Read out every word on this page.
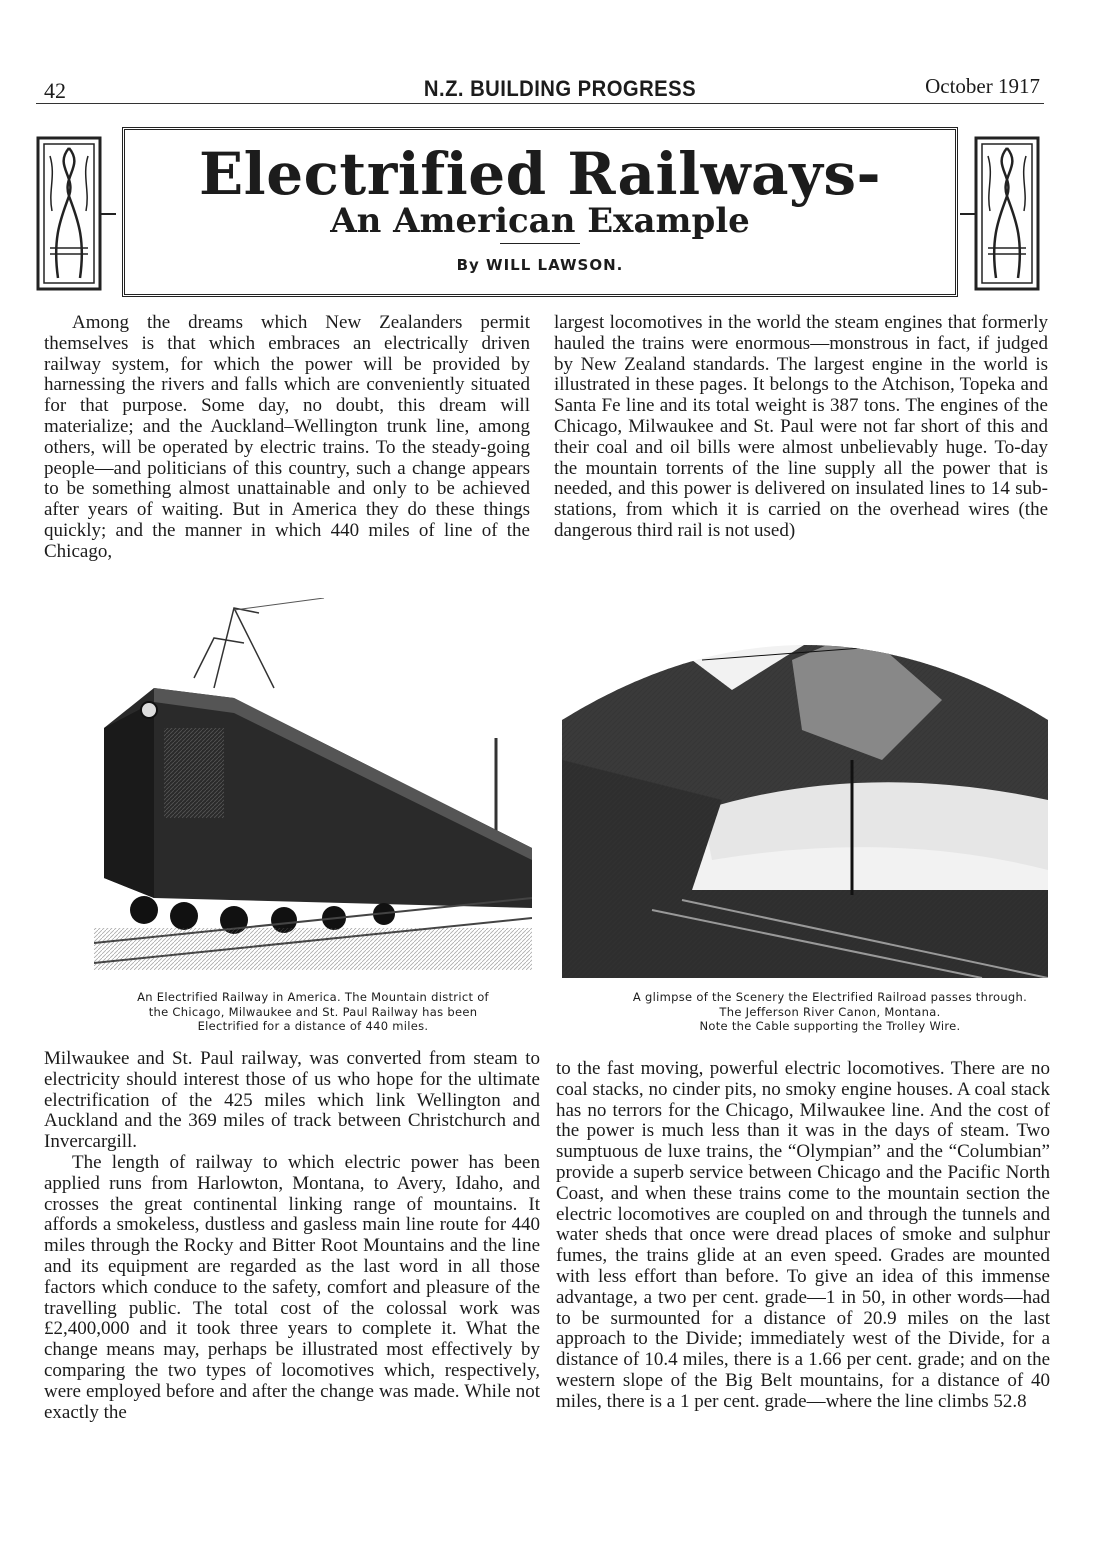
42	N.Z. BUILDING PROGRESS	October 1917
Electrified Railways-
An American Example
By WILL LAWSON.

Among the dreams which New Zealanders permit themselves is that which embraces an electrically driven railway system, for which the power will be provided by harnessing the rivers and falls which are conveniently situated for that purpose. Some day, no doubt, this dream will materialize; and the Auckland–Wellington trunk line, among others, will be operated by electric trains. To the steady-going people—and politicians of this country, such a change appears to be something almost unattainable and only to be achieved after years of waiting. But in America they do these things quickly; and the manner in which 440 miles of line of the Chicago,

largest locomotives in the world the steam engines that formerly hauled the trains were enormous—monstrous in fact, if judged by New Zealand standards. The largest engine in the world is illustrated in these pages. It belongs to the Atchison, Topeka and Santa Fe line and its total weight is 387 tons. The engines of the Chicago, Milwaukee and St. Paul were not far short of this and their coal and oil bills were almost unbelievably huge. To-day the mountain torrents of the line supply all the power that is needed, and this power is delivered on insulated lines to 14 sub-stations, from which it is carried on the overhead wires (the dangerous third rail is not used)

An Electrified Railway in America. The Mountain district of
the Chicago, Milwaukee and St. Paul Railway has been
Electrified for a distance of 440 miles.
A glimpse of the Scenery the Electrified Railroad passes through.
The Jefferson River Canon, Montana.
Note the Cable supporting the Trolley Wire.

Milwaukee and St. Paul railway, was converted from steam to electricity should interest those of us who hope for the ultimate electrification of the 425 miles which link Wellington and Auckland and the 369 miles of track between Christchurch and Invercargill.

The length of railway to which electric power has been applied runs from Harlowton, Montana, to Avery, Idaho, and crosses the great continental linking range of mountains. It affords a smokeless, dustless and gasless main line route for 440 miles through the Rocky and Bitter Root Mountains and the line and its equipment are regarded as the last word in all those factors which conduce to the safety, comfort and pleasure of the travelling public. The total cost of the colossal work was £2,400,000 and it took three years to complete it. What the change means may, perhaps be illustrated most effectively by comparing the two types of locomotives which, respectively, were employed before and after the change was made. While not exactly the

to the fast moving, powerful electric locomotives. There are no coal stacks, no cinder pits, no smoky engine houses. A coal stack has no terrors for the Chicago, Milwaukee line. And the cost of the power is much less than it was in the days of steam. Two sumptuous de luxe trains, the “Olympian” and the “Columbian” provide a superb service between Chicago and the Pacific North Coast, and when these trains come to the mountain section the electric locomotives are coupled on and through the tunnels and water sheds that once were dread places of smoke and sulphur fumes, the trains glide at an even speed. Grades are mounted with less effort than before. To give an idea of this immense advantage, a two per cent. grade—1 in 50, in other words—had to be surmounted for a distance of 20.9 miles on the last approach to the Divide; immediately west of the Divide, for a distance of 10.4 miles, there is a 1.66 per cent. grade; and on the western slope of the Big Belt mountains, for a distance of 40 miles, there is a 1 per cent. grade—where the line climbs 52.8
